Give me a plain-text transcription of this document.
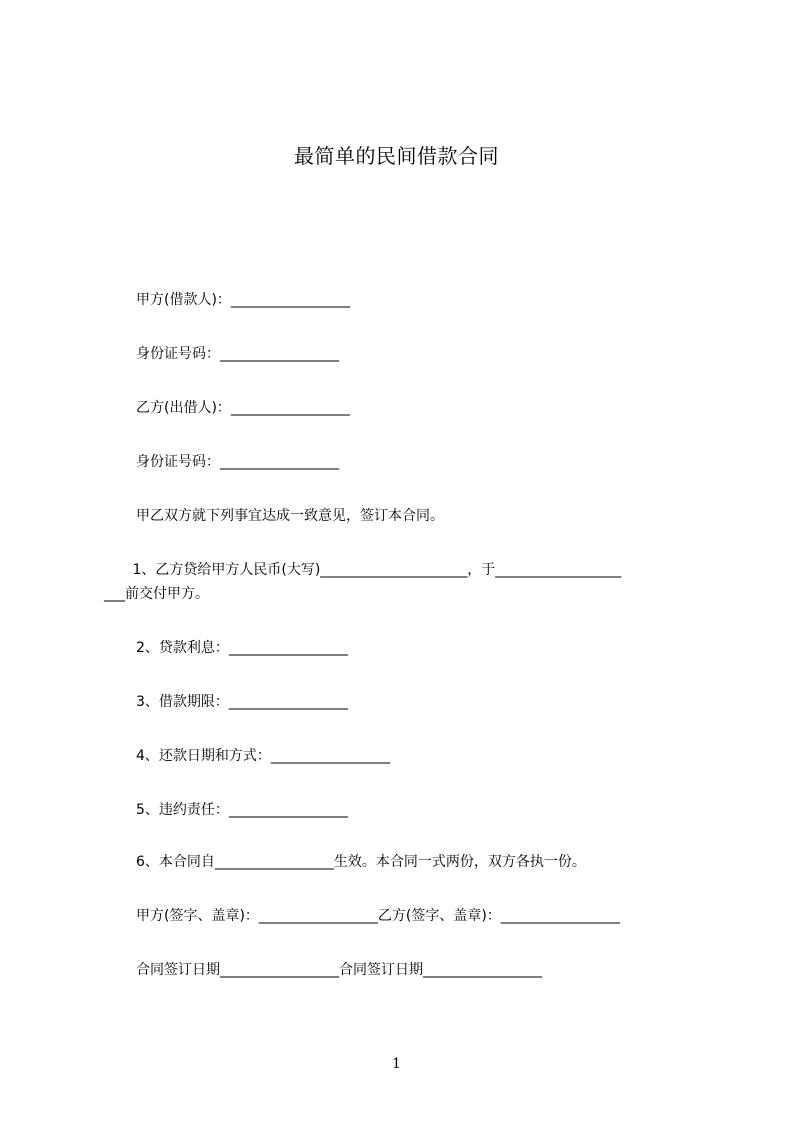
最简单的民间借款合同
甲方(借款人)：_________________
身份证号码：_________________
乙方(出借人)：_________________
身份证号码：_________________
甲乙双方就下列事宜达成一致意见，签订本合同。
1、乙方贷给甲方人民币(大写)_____________________，于__________________
___前交付甲方。
2、贷款利息：_________________
3、借款期限：_________________
4、还款日期和方式：_________________
5、违约责任：_________________
6、本合同自_________________生效。本合同一式两份，双方各执一份。
甲方(签字、盖章)：_________________乙方(签字、盖章)：_________________
合同签订日期_________________合同签订日期_________________
1
